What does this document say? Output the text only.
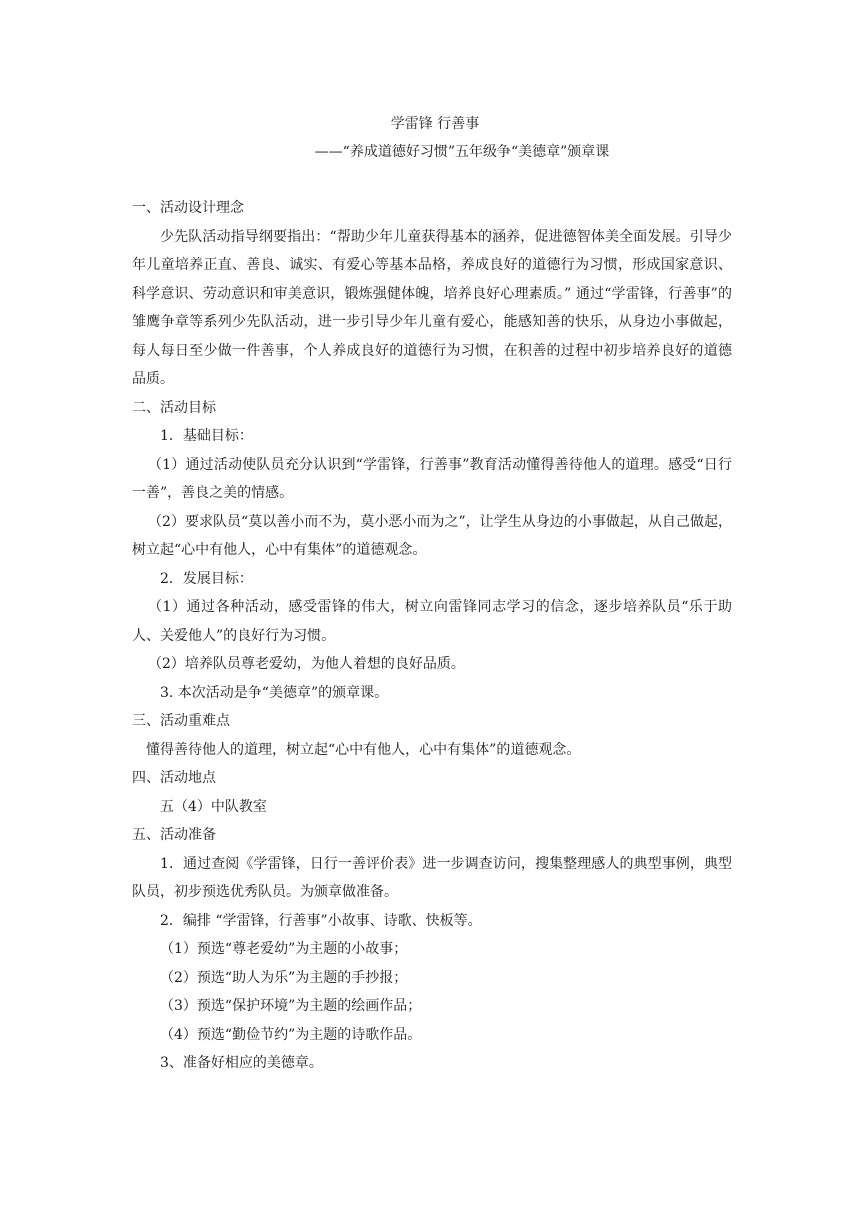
学雷锋 行善事
——“养成道德好习惯”五年级争“美德章”颁章课

一、活动设计理念

少先队活动指导纲要指出：“帮助少年儿童获得基本的涵养，促进德智体美全面发展。引导少年儿童培养正直、善良、诚实、有爱心等基本品格，养成良好的道德行为习惯，形成国家意识、科学意识、劳动意识和审美意识，锻炼强健体魄，培养良好心理素质。” 通过“学雷锋，行善事”的雏鹰争章等系列少先队活动，进一步引导少年儿童有爱心，能感知善的快乐，从身边小事做起，每人每日至少做一件善事，个人养成良好的道德行为习惯，在积善的过程中初步培养良好的道德品质。

二、活动目标

1．基础目标：

（1）通过活动使队员充分认识到“学雷锋，行善事”教育活动懂得善待他人的道理。感受“日行一善”，善良之美的情感。

（2）要求队员“莫以善小而不为，莫小恶小而为之”，让学生从身边的小事做起，从自己做起，树立起“心中有他人，心中有集体”的道德观念。

2．发展目标：

（1）通过各种活动，感受雷锋的伟大，树立向雷锋同志学习的信念，逐步培养队员“乐于助人、关爱他人”的良好行为习惯。

（2）培养队员尊老爱幼，为他人着想的良好品质。

3. 本次活动是争“美德章”的颁章课。

三、活动重难点

懂得善待他人的道理，树立起“心中有他人，心中有集体”的道德观念。

四、活动地点

五（4）中队教室

五、活动准备

1．通过查阅《学雷锋，日行一善评价表》进一步调查访问，搜集整理感人的典型事例，典型队员，初步预选优秀队员。为颁章做准备。

2．编排 “学雷锋，行善事”小故事、诗歌、快板等。

（1）预选“尊老爱幼”为主题的小故事；

（2）预选“助人为乐”为主题的手抄报；

（3）预选“保护环境”为主题的绘画作品；

（4）预选“勤俭节约”为主题的诗歌作品。

3、准备好相应的美德章。
